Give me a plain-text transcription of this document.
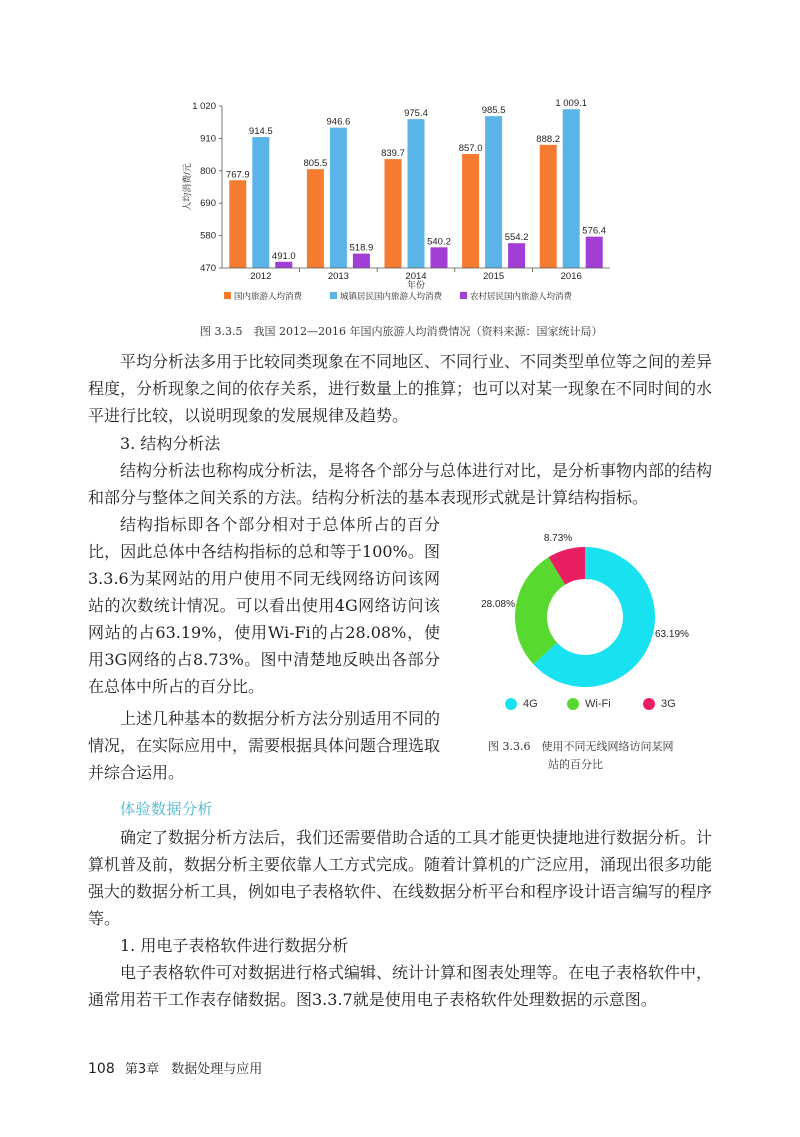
人均消费/元
470
580
690
800
910
1 020
767.9
914.5
491.0
805.5
946.6
518.9
839.7
975.4
540.2
857.0
985.5
554.2
888.2
1 009.1
576.4
2012	2013	2014	2015	2016
年份
国内旅游人均消费	城镇居民国内旅游人均消费	农村居民国内旅游人均消费
图 3.3.5　我国 2012—2016 年国内旅游人均消费情况（资料来源：国家统计局）

平均分析法多用于比较同类现象在不同地区、不同行业、不同类型单位等之间的差异程度，分析现象之间的依存关系，进行数量上的推算；也可以对某一现象在不同时间的水平进行比较，以说明现象的发展规律及趋势。

3. 结构分析法

结构分析法也称构成分析法，是将各个部分与总体进行对比，是分析事物内部的结构和部分与整体之间关系的方法。结构分析法的基本表现形式就是计算结构指标。

结构指标即各个部分相对于总体所占的百分比，因此总体中各结构指标的总和等于100%。图3.3.6为某网站的用户使用不同无线网络访问该网站的次数统计情况。可以看出使用4G网络访问该网站的占63.19%，使用Wi-Fi的占28.08%，使用3G网络的占8.73%。图中清楚地反映出各部分在总体中所占的百分比。

上述几种基本的数据分析方法分别适用不同的情况，在实际应用中，需要根据具体问题合理选取并综合运用。

63.19%
28.08%
8.73%
4G	Wi-Fi	3G
图 3.3.6　使用不同无线网络访问某网
站的百分比

体验数据分析

确定了数据分析方法后，我们还需要借助合适的工具才能更快捷地进行数据分析。计算机普及前，数据分析主要依靠人工方式完成。随着计算机的广泛应用，涌现出很多功能强大的数据分析工具，例如电子表格软件、在线数据分析平台和程序设计语言编写的程序等。

1. 用电子表格软件进行数据分析

电子表格软件可对数据进行格式编辑、统计计算和图表处理等。在电子表格软件中，通常用若干工作表存储数据。图3.3.7就是使用电子表格软件处理数据的示意图。

108 第3章 数据处理与应用
